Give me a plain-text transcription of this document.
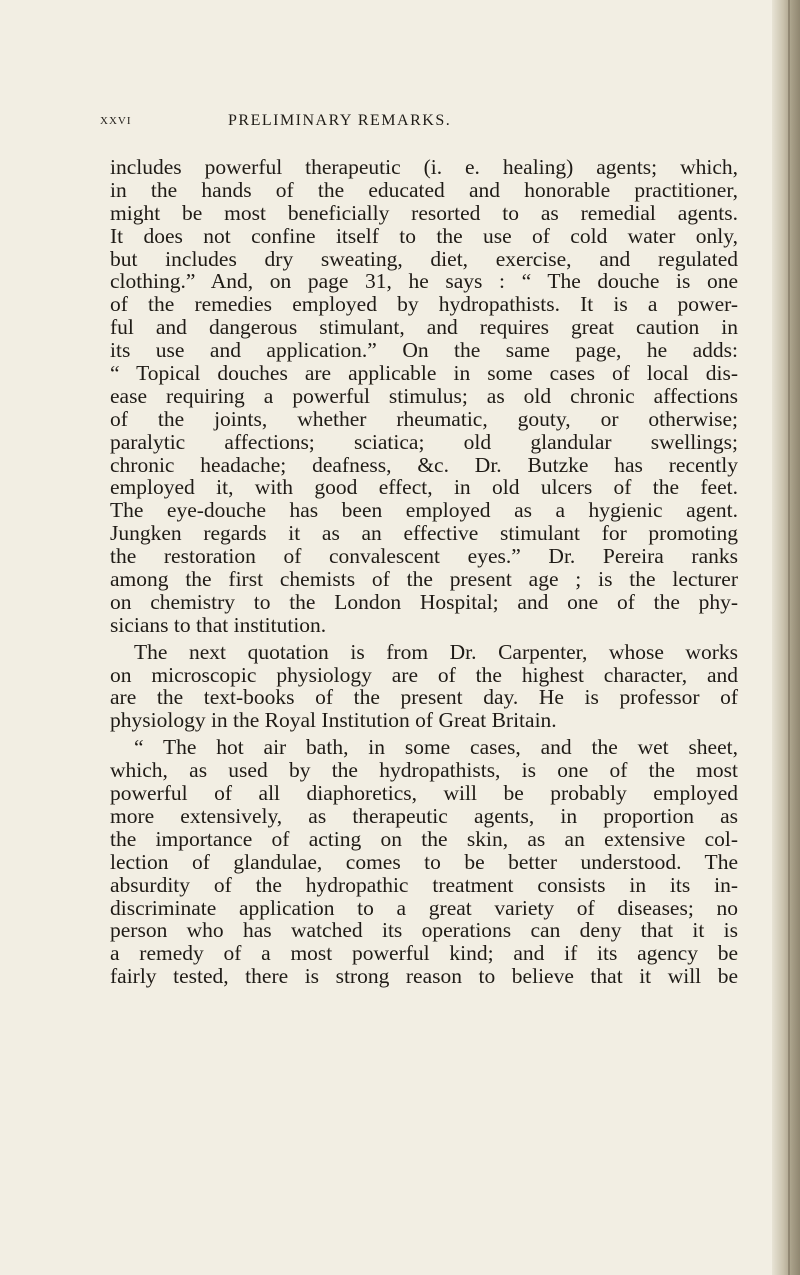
xxvi	PRELIMINARY REMARKS.
includes powerful therapeutic (i. e. healing) agents; which,
in the hands of the educated and honorable practitioner,
might be most beneficially resorted to as remedial agents.
It does not confine itself to the use of cold water only,
but includes dry sweating, diet, exercise, and regulated
clothing.” And, on page 31, he says : “ The douche is one
of the remedies employed by hydropathists. It is a power-
ful and dangerous stimulant, and requires great caution in
its use and application.” On the same page, he adds:
“ Topical douches are applicable in some cases of local dis-
ease requiring a powerful stimulus; as old chronic affections
of the joints, whether rheumatic, gouty, or otherwise;
paralytic affections; sciatica; old glandular swellings;
chronic headache; deafness, &c. Dr. Butzke has recently
employed it, with good effect, in old ulcers of the feet.
The eye-douche has been employed as a hygienic agent.
Jungken regards it as an effective stimulant for promoting
the restoration of convalescent eyes.” Dr. Pereira ranks
among the first chemists of the present age ; is the lecturer
on chemistry to the London Hospital; and one of the phy-
sicians to that institution.
The next quotation is from Dr. Carpenter, whose works
on microscopic physiology are of the highest character, and
are the text-books of the present day. He is professor of
physiology in the Royal Institution of Great Britain.
“ The hot air bath, in some cases, and the wet sheet,
which, as used by the hydropathists, is one of the most
powerful of all diaphoretics, will be probably employed
more extensively, as therapeutic agents, in proportion as
the importance of acting on the skin, as an extensive col-
lection of glandulae, comes to be better understood. The
absurdity of the hydropathic treatment consists in its in-
discriminate application to a great variety of diseases; no
person who has watched its operations can deny that it is
a remedy of a most powerful kind; and if its agency be
fairly tested, there is strong reason to believe that it will be
